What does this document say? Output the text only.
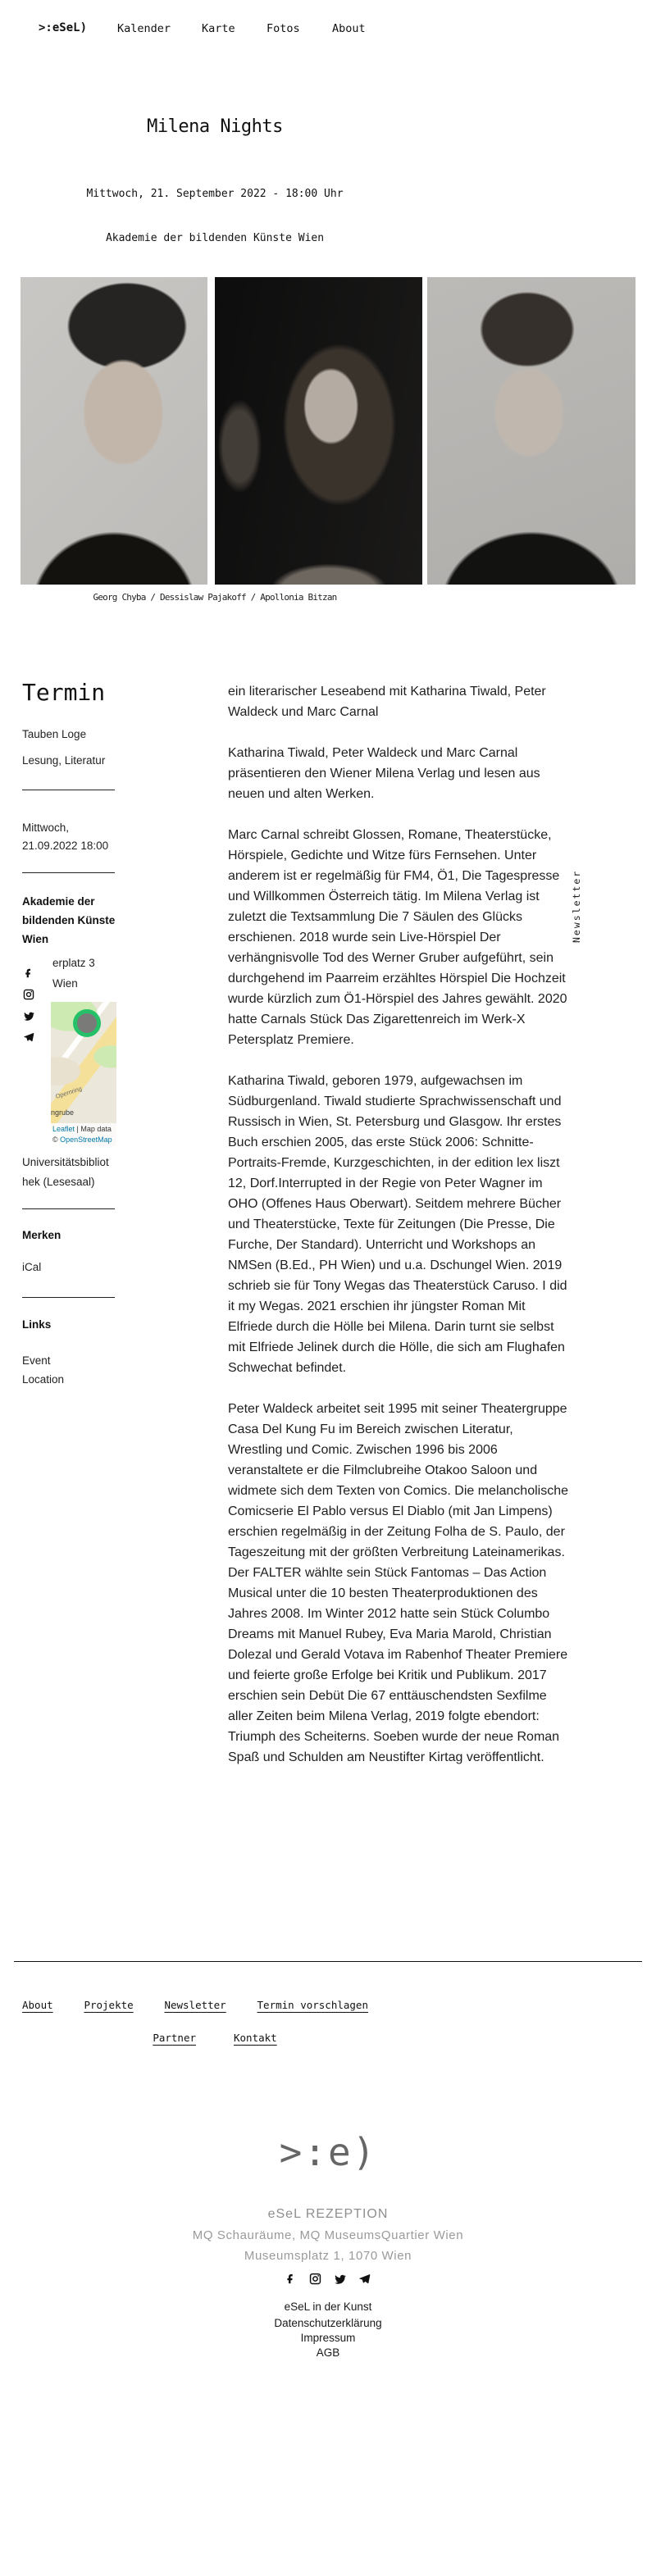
>:eSeL)	Kalender	Karte	Fotos	About
Milena Nights
Mittwoch, 21. September 2022 - 18:00 Uhr
Akademie der bildenden Künste Wien
Georg Chyba / Dessislaw Pajakoff / Apollonia Bitzan
Termin
Tauben Loge
Lesung, Literatur
Mittwoch,
21.09.2022 18:00
Akademie der bildenden Künste Wien
erplatz 3
Wien
Opernring
ngrube
Leaflet | Map data © OpenStreetMap
Universitätsbibliothek (Lesesaal)
Merken
iCal
Links
Event
Location

ein literarischer Leseabend mit Katharina Tiwald, Peter Waldeck und Marc Carnal

Katharina Tiwald, Peter Waldeck und Marc Carnal präsentieren den Wiener Milena Verlag und lesen aus neuen und alten Werken.

Marc Carnal schreibt Glossen, Romane, Theaterstücke, Hörspiele, Gedichte und Witze fürs Fernsehen. Unter anderem ist er regelmäßig für FM4, Ö1, Die Tagespresse und Willkommen Österreich tätig. Im Milena Verlag ist zuletzt die Textsammlung Die 7 Säulen des Glücks erschienen. 2018 wurde sein Live-Hörspiel Der verhängnisvolle Tod des Werner Gruber aufgeführt, sein durchgehend im Paarreim erzähltes Hörspiel Die Hochzeit wurde kürzlich zum Ö1-Hörspiel des Jahres gewählt. 2020 hatte Carnals Stück Das Zigarettenreich im Werk-X Petersplatz Premiere.

Katharina Tiwald, geboren 1979, aufgewachsen im Südburgenland. Tiwald studierte Sprachwissenschaft und Russisch in Wien, St. Petersburg und Glasgow. Ihr erstes Buch erschien 2005, das erste Stück 2006: Schnitte-Portraits-Fremde, Kurzgeschichten, in der edition lex liszt 12, Dorf.Interrupted in der Regie von Peter Wagner im OHO (Offenes Haus Oberwart). Seitdem mehrere Bücher und Theaterstücke, Texte für Zeitungen (Die Presse, Die Furche, Der Standard). Unterricht und Workshops an NMSen (B.Ed., PH Wien) und u.a. Dschungel Wien. 2019 schrieb sie für Tony Wegas das Theaterstück Caruso. I did it my Wegas. 2021 erschien ihr jüngster Roman Mit Elfriede durch die Hölle bei Milena. Darin turnt sie selbst mit Elfriede Jelinek durch die Hölle, die sich am Flughafen Schwechat befindet.

Peter Waldeck arbeitet seit 1995 mit seiner Theatergruppe Casa Del Kung Fu im Bereich zwischen Literatur, Wrestling und Comic. Zwischen 1996 bis 2006 veranstaltete er die Filmclubreihe Otakoo Saloon und widmete sich dem Texten von Comics. Die melancholische Comicserie El Pablo versus El Diablo (mit Jan Limpens) erschien regelmäßig in der Zeitung Folha de S. Paulo, der Tageszeitung mit der größten Verbreitung Lateinamerikas. Der FALTER wählte sein Stück Fantomas – Das Action Musical unter die 10 besten Theaterproduktionen des Jahres 2008. Im Winter 2012 hatte sein Stück Columbo Dreams mit Manuel Rubey, Eva Maria Marold, Christian Dolezal und Gerald Votava im Rabenhof Theater Premiere und feierte große Erfolge bei Kritik und Publikum. 2017 erschien sein Debüt Die 67 enttäuschendsten Sexfilme aller Zeiten beim Milena Verlag, 2019 folgte ebendort: Triumph des Scheiterns. Soeben wurde der neue Roman Spaß und Schulden am Neustifter Kirtag veröffentlicht.

Newsletter
About	Projekte	Newsletter	Termin vorschlagen
Partner	Kontakt
>:e)
eSeL REZEPTION
MQ Schauräume, MQ MuseumsQuartier Wien
Museumsplatz 1, 1070 Wien
eSeL in der Kunst
Datenschutzerklärung
Impressum
AGB
